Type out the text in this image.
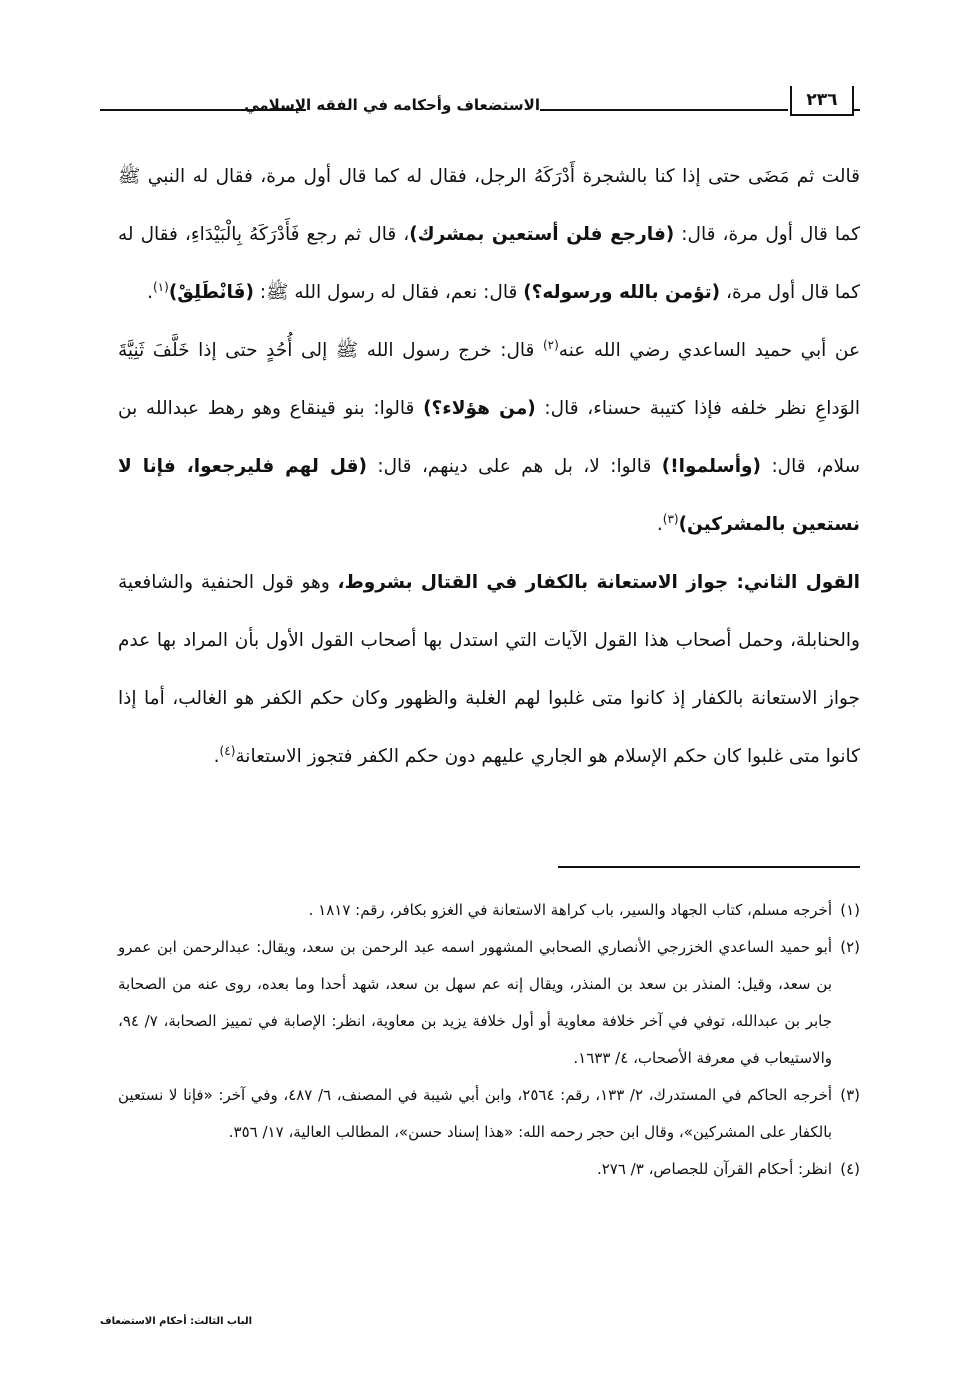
الاستضعاف وأحكامه في الفقه الإسلامي	٢٣٦

قالت ثم مَضَى حتى إذا كنا بالشجرة أَدْرَكَهُ الرجل، فقال له كما قال أول مرة، فقال له النبي ﷺ كما قال أول مرة، قال: (فارجع فلن أستعين بمشرك)، قال ثم رجع فَأَدْرَكَهُ بِالْبَيْدَاءِ، فقال له كما قال أول مرة، (تؤمن بالله ورسوله؟) قال: نعم، فقال له رسول الله ﷺ: (فَانْطَلِقْ)$^{(١)}$.

عن أبي حميد الساعدي رضي الله عنه$^{(٢)}$ قال: خرج رسول الله ﷺ إلى أُحُدٍ حتى إذا خَلَّفَ ثَنِيَّةَ الوَداعِ نظر خلفه فإذا كتيبة حسناء، قال: (من هؤلاء؟) قالوا: بنو قينقاع وهو رهط عبدالله بن سلام، قال: (وأسلموا!) قالوا: لا، بل هم على دينهم، قال: (قل لهم فليرجعوا، فإنا لا نستعين بالمشركين)$^{(٣)}$.

القول الثاني: جواز الاستعانة بالكفار في القتال بشروط، وهو قول الحنفية والشافعية والحنابلة، وحمل أصحاب هذا القول الآيات التي استدل بها أصحاب القول الأول بأن المراد بها عدم جواز الاستعانة بالكفار إذ كانوا متى غلبوا لهم الغلبة والظهور وكان حكم الكفر هو الغالب، أما إذا كانوا متى غلبوا كان حكم الإسلام هو الجاري عليهم دون حكم الكفر فتجوز الاستعانة$^{(٤)}$.

(١)
أخرجه مسلم، كتاب الجهاد والسير، باب كراهة الاستعانة في الغزو بكافر، رقم: ١٨١٧ .

(٢)
أبو حميد الساعدي الخزرجي الأنصاري الصحابي المشهور اسمه عبد الرحمن بن سعد، ويقال: عبدالرحمن ابن عمرو بن سعد، وقيل: المنذر بن سعد بن المنذر، ويقال إنه عم سهل بن سعد، شهد أحدا وما بعده، روى عنه من الصحابة جابر بن عبدالله، توفي في آخر خلافة معاوية أو أول خلافة يزيد بن معاوية، انظر: الإصابة في تمييز الصحابة، ٧/ ٩٤، والاستيعاب في معرفة الأصحاب، ٤/ ١٦٣٣.

(٣)
أخرجه الحاكم في المستدرك، ٢/ ١٣٣، رقم: ٢٥٦٤، وابن أبي شيبة في المصنف، ٦/ ٤٨٧، وفي آخر: «فإنا لا نستعين بالكفار على المشركين»، وقال ابن حجر رحمه الله: «هذا إسناد حسن»، المطالب العالية، ١٧/ ٣٥٦.

(٤)
انظر: أحكام القرآن للجصاص، ٣/ ٢٧٦.

الباب الثالث: أحكام الاستضعاف
